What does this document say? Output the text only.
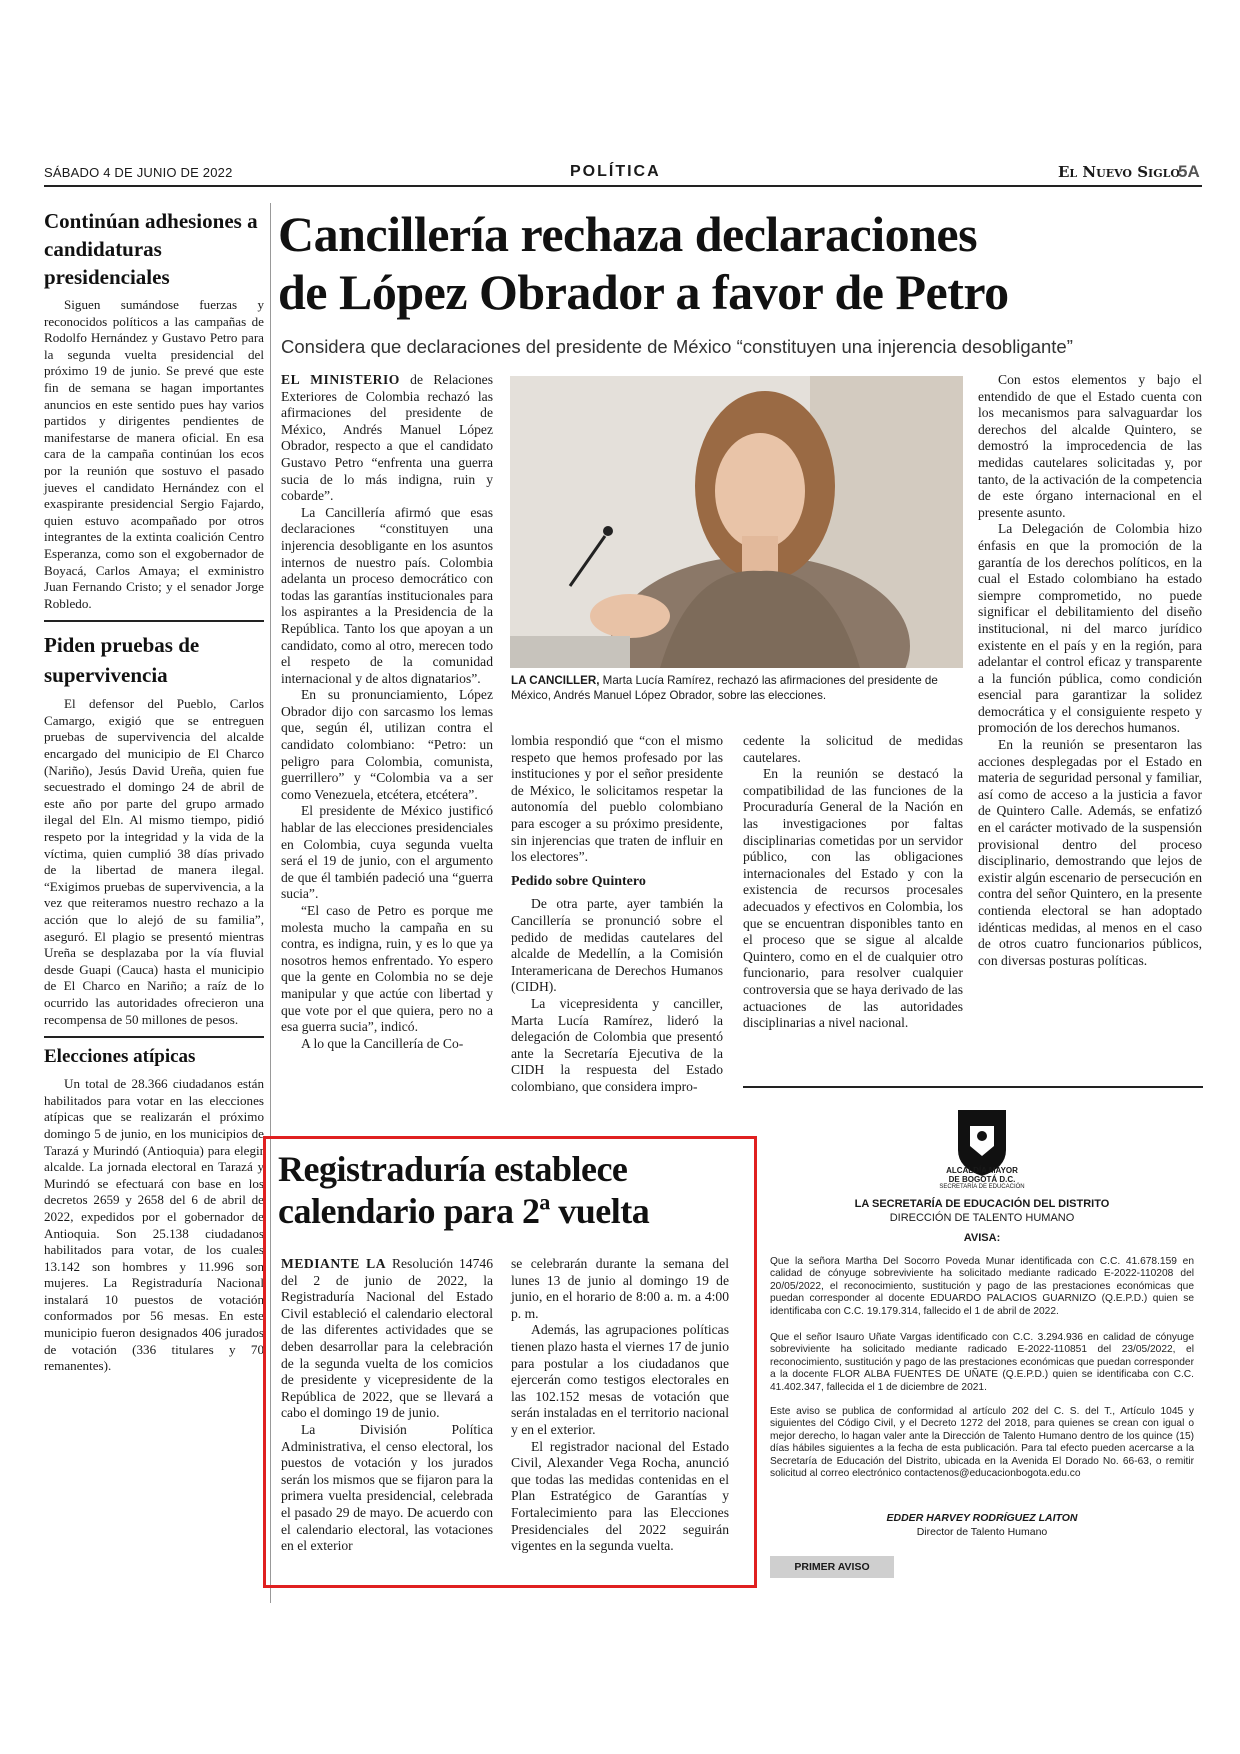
SÁBADO 4 DE JUNIO DE 2022	POLÍTICA	El Nuevo Siglo
5A
Continúan adhesiones a candidaturas presidenciales

Siguen sumándose fuerzas y reconocidos políticos a las campañas de Rodolfo Hernández y Gustavo Petro para la segunda vuelta presidencial del próximo 19 de junio. Se prevé que este fin de semana se hagan importantes anuncios en este sentido pues hay varios partidos y dirigentes pendientes de manifestarse de manera oficial. En esa cara de la campaña continúan los ecos por la reunión que sostuvo el pasado jueves el candidato Hernández con el exaspirante presidencial Sergio Fajardo, quien estuvo acompañado por otros integrantes de la extinta coalición Centro Esperanza, como son el exgobernador de Boyacá, Carlos Amaya; el exministro Juan Fernando Cristo; y el senador Jorge Robledo.

Piden pruebas de supervivencia

El defensor del Pueblo, Carlos Camargo, exigió que se entreguen pruebas de supervivencia del alcalde encargado del municipio de El Charco (Nariño), Jesús David Ureña, quien fue secuestrado el domingo 24 de abril de este año por parte del grupo armado ilegal del Eln. Al mismo tiempo, pidió respeto por la integridad y la vida de la víctima, quien cumplió 38 días privado de la libertad de manera ilegal. “Exigimos pruebas de supervivencia, a la vez que reiteramos nuestro rechazo a la acción que lo alejó de su familia”, aseguró. El plagio se presentó mientras Ureña se desplazaba por la vía fluvial desde Guapi (Cauca) hasta el municipio de El Charco en Nariño; a raíz de lo ocurrido las autoridades ofrecieron una recompensa de 50 millones de pesos.

Elecciones atípicas

Un total de 28.366 ciudadanos están habilitados para votar en las elecciones atípicas que se realizarán el próximo domingo 5 de junio, en los municipios de Tarazá y Murindó (Antioquia) para elegir alcalde. La jornada electoral en Tarazá y Murindó se efectuará con base en los decretos 2659 y 2658 del 6 de abril de 2022, expedidos por el gobernador de Antioquia. Son 25.138 ciudadanos habilitados para votar, de los cuales 13.142 son hombres y 11.996 son mujeres. La Registraduría Nacional instalará 10 puestos de votación conformados por 56 mesas. En este municipio fueron designados 406 jurados de votación (336 titulares y 70 remanentes).

Cancillería rechaza declaraciones
de López Obrador a favor de Petro
Considera que declaraciones del presidente de México “constituyen una injerencia desobligante”

EL MINISTERIO de Relaciones Exteriores de Colombia rechazó las afirmaciones del presidente de México, Andrés Manuel López Obrador, respecto a que el candidato Gustavo Petro “enfrenta una guerra sucia de lo más indigna, ruin y cobarde”.

La Cancillería afirmó que esas declaraciones “constituyen una injerencia desobligante en los asuntos internos de nuestro país. Colombia adelanta un proceso democrático con todas las garantías institucionales para los aspirantes a la Presidencia de la República. Tanto los que apoyan a un candidato, como al otro, merecen todo el respeto de la comunidad internacional y de altos dignatarios”.

En su pronunciamiento, López Obrador dijo con sarcasmo los lemas que, según él, utilizan contra el candidato colombiano: “Petro: un peligro para Colombia, comunista, guerrillero” y “Colombia va a ser como Venezuela, etcétera, etcétera”.

El presidente de México justificó hablar de las elecciones presidenciales en Colombia, cuya segunda vuelta será el 19 de junio, con el argumento de que él también padeció una “guerra sucia”.

“El caso de Petro es porque me molesta mucho la campaña en su contra, es indigna, ruin, y es lo que ya nosotros hemos enfrentado. Yo espero que la gente en Colombia no se deje manipular y que actúe con libertad y que vote por el que quiera, pero no a esa guerra sucia”, indicó.

A lo que la Cancillería de Co-

LA CANCILLER, Marta Lucía Ramírez, rechazó las afirmaciones del presidente de México, Andrés Manuel López Obrador, sobre las elecciones.

lombia respondió que “con el mismo respeto que hemos profesado por las instituciones y por el señor presidente de México, le solicitamos respetar la autonomía del pueblo colombiano para escoger a su próximo presidente, sin injerencias que traten de influir en los electores”.

Pedido sobre Quintero

De otra parte, ayer también la Cancillería se pronunció sobre el pedido de medidas cautelares del alcalde de Medellín, a la Comisión Interamericana de Derechos Humanos (CIDH).

La vicepresidenta y canciller, Marta Lucía Ramírez, lideró la delegación de Colombia que presentó ante la Secretaría Ejecutiva de la CIDH la respuesta del Estado colombiano, que considera impro-

cedente la solicitud de medidas cautelares.

En la reunión se destacó la compatibilidad de las funciones de la Procuraduría General de la Nación en las investigaciones por faltas disciplinarias cometidas por un servidor público, con las obligaciones internacionales del Estado y con la existencia de recursos procesales adecuados y efectivos en Colombia, los que se encuentran disponibles tanto en el proceso que se sigue al alcalde Quintero, como en el de cualquier otro funcionario, para resolver cualquier controversia que se haya derivado de las actuaciones de las autoridades disciplinarias a nivel nacional.

Con estos elementos y bajo el entendido de que el Estado cuenta con los mecanismos para salvaguardar los derechos del alcalde Quintero, se demostró la improcedencia de las medidas cautelares solicitadas y, por tanto, de la activación de la competencia de este órgano internacional en el presente asunto.

La Delegación de Colombia hizo énfasis en que la promoción de la garantía de los derechos políticos, en la cual el Estado colombiano ha estado siempre comprometido, no puede significar el debilitamiento del diseño institucional, ni del marco jurídico existente en el país y en la región, para adelantar el control eficaz y transparente a la función pública, como condición esencial para garantizar la solidez democrática y el consiguiente respeto y promoción de los derechos humanos.

En la reunión se presentaron las acciones desplegadas por el Estado en materia de seguridad personal y familiar, así como de acceso a la justicia a favor de Quintero Calle. Además, se enfatizó en el carácter motivado de la suspensión provisional dentro del proceso disciplinario, demostrando que lejos de existir algún escenario de persecución en contra del señor Quintero, en la presente contienda electoral se han adoptado idénticas medidas, al menos en el caso de otros cuatro funcionarios públicos, con diversas posturas políticas.

Registraduría establece
calendario para 2ª vuelta

MEDIANTE LA Resolución 14746 del 2 de junio de 2022, la Registraduría Nacional del Estado Civil estableció el calendario electoral de las diferentes actividades que se deben desarrollar para la celebración de la segunda vuelta de los comicios de presidente y vicepresidente de la República de 2022, que se llevará a cabo el domingo 19 de junio.

La División Política Administrativa, el censo electoral, los puestos de votación y los jurados serán los mismos que se fijaron para la primera vuelta presidencial, celebrada el pasado 29 de mayo. De acuerdo con el calendario electoral, las votaciones en el exterior

se celebrarán durante la semana del lunes 13 de junio al domingo 19 de junio, en el horario de 8:00 a. m. a 4:00 p. m.

Además, las agrupaciones políticas tienen plazo hasta el viernes 17 de junio para postular a los ciudadanos que ejercerán como testigos electorales en las 102.152 mesas de votación que serán instaladas en el territorio nacional y en el exterior.

El registrador nacional del Estado Civil, Alexander Vega Rocha, anunció que todas las medidas contenidas en el Plan Estratégico de Garantías y Fortalecimiento para las Elecciones Presidenciales del 2022 seguirán vigentes en la segunda vuelta.

ALCALDÍA MAYOR
DE BOGOTÁ D.C.
SECRETARÍA DE EDUCACIÓN
LA SECRETARÍA DE EDUCACIÓN DEL DISTRITO
DIRECCIÓN DE TALENTO HUMANO
AVISA:
Que la señora Martha Del Socorro Poveda Munar identificada con C.C. 41.678.159 en calidad de cónyuge sobreviviente ha solicitado mediante radicado E-2022-110208 del 20/05/2022, el reconocimiento, sustitución y pago de las prestaciones económicas que puedan corresponder al docente EDUARDO PALACIOS GUARNIZO (Q.E.P.D.) quien se identificaba con C.C. 19.179.314, fallecido el 1 de abril de 2022.
Que el señor Isauro Uñate Vargas identificado con C.C. 3.294.936 en calidad de cónyuge sobreviviente ha solicitado mediante radicado E-2022-110851 del 23/05/2022, el reconocimiento, sustitución y pago de las prestaciones económicas que puedan corresponder a la docente FLOR ALBA FUENTES DE UÑATE (Q.E.P.D.) quien se identificaba con C.C. 41.402.347, fallecida el 1 de diciembre de 2021.
Este aviso se publica de conformidad al artículo 202 del C. S. del T., Artículo 1045 y siguientes del Código Civil, y el Decreto 1272 del 2018, para quienes se crean con igual o mejor derecho, lo hagan valer ante la Dirección de Talento Humano dentro de los quince (15) días hábiles siguientes a la fecha de esta publicación. Para tal efecto pueden acercarse a la Secretaría de Educación del Distrito, ubicada en la Avenida El Dorado No. 66-63, o remitir solicitud al correo electrónico contactenos@educacionbogota.edu.co
EDDER HARVEY RODRÍGUEZ LAITON
Director de Talento Humano
PRIMER AVISO
